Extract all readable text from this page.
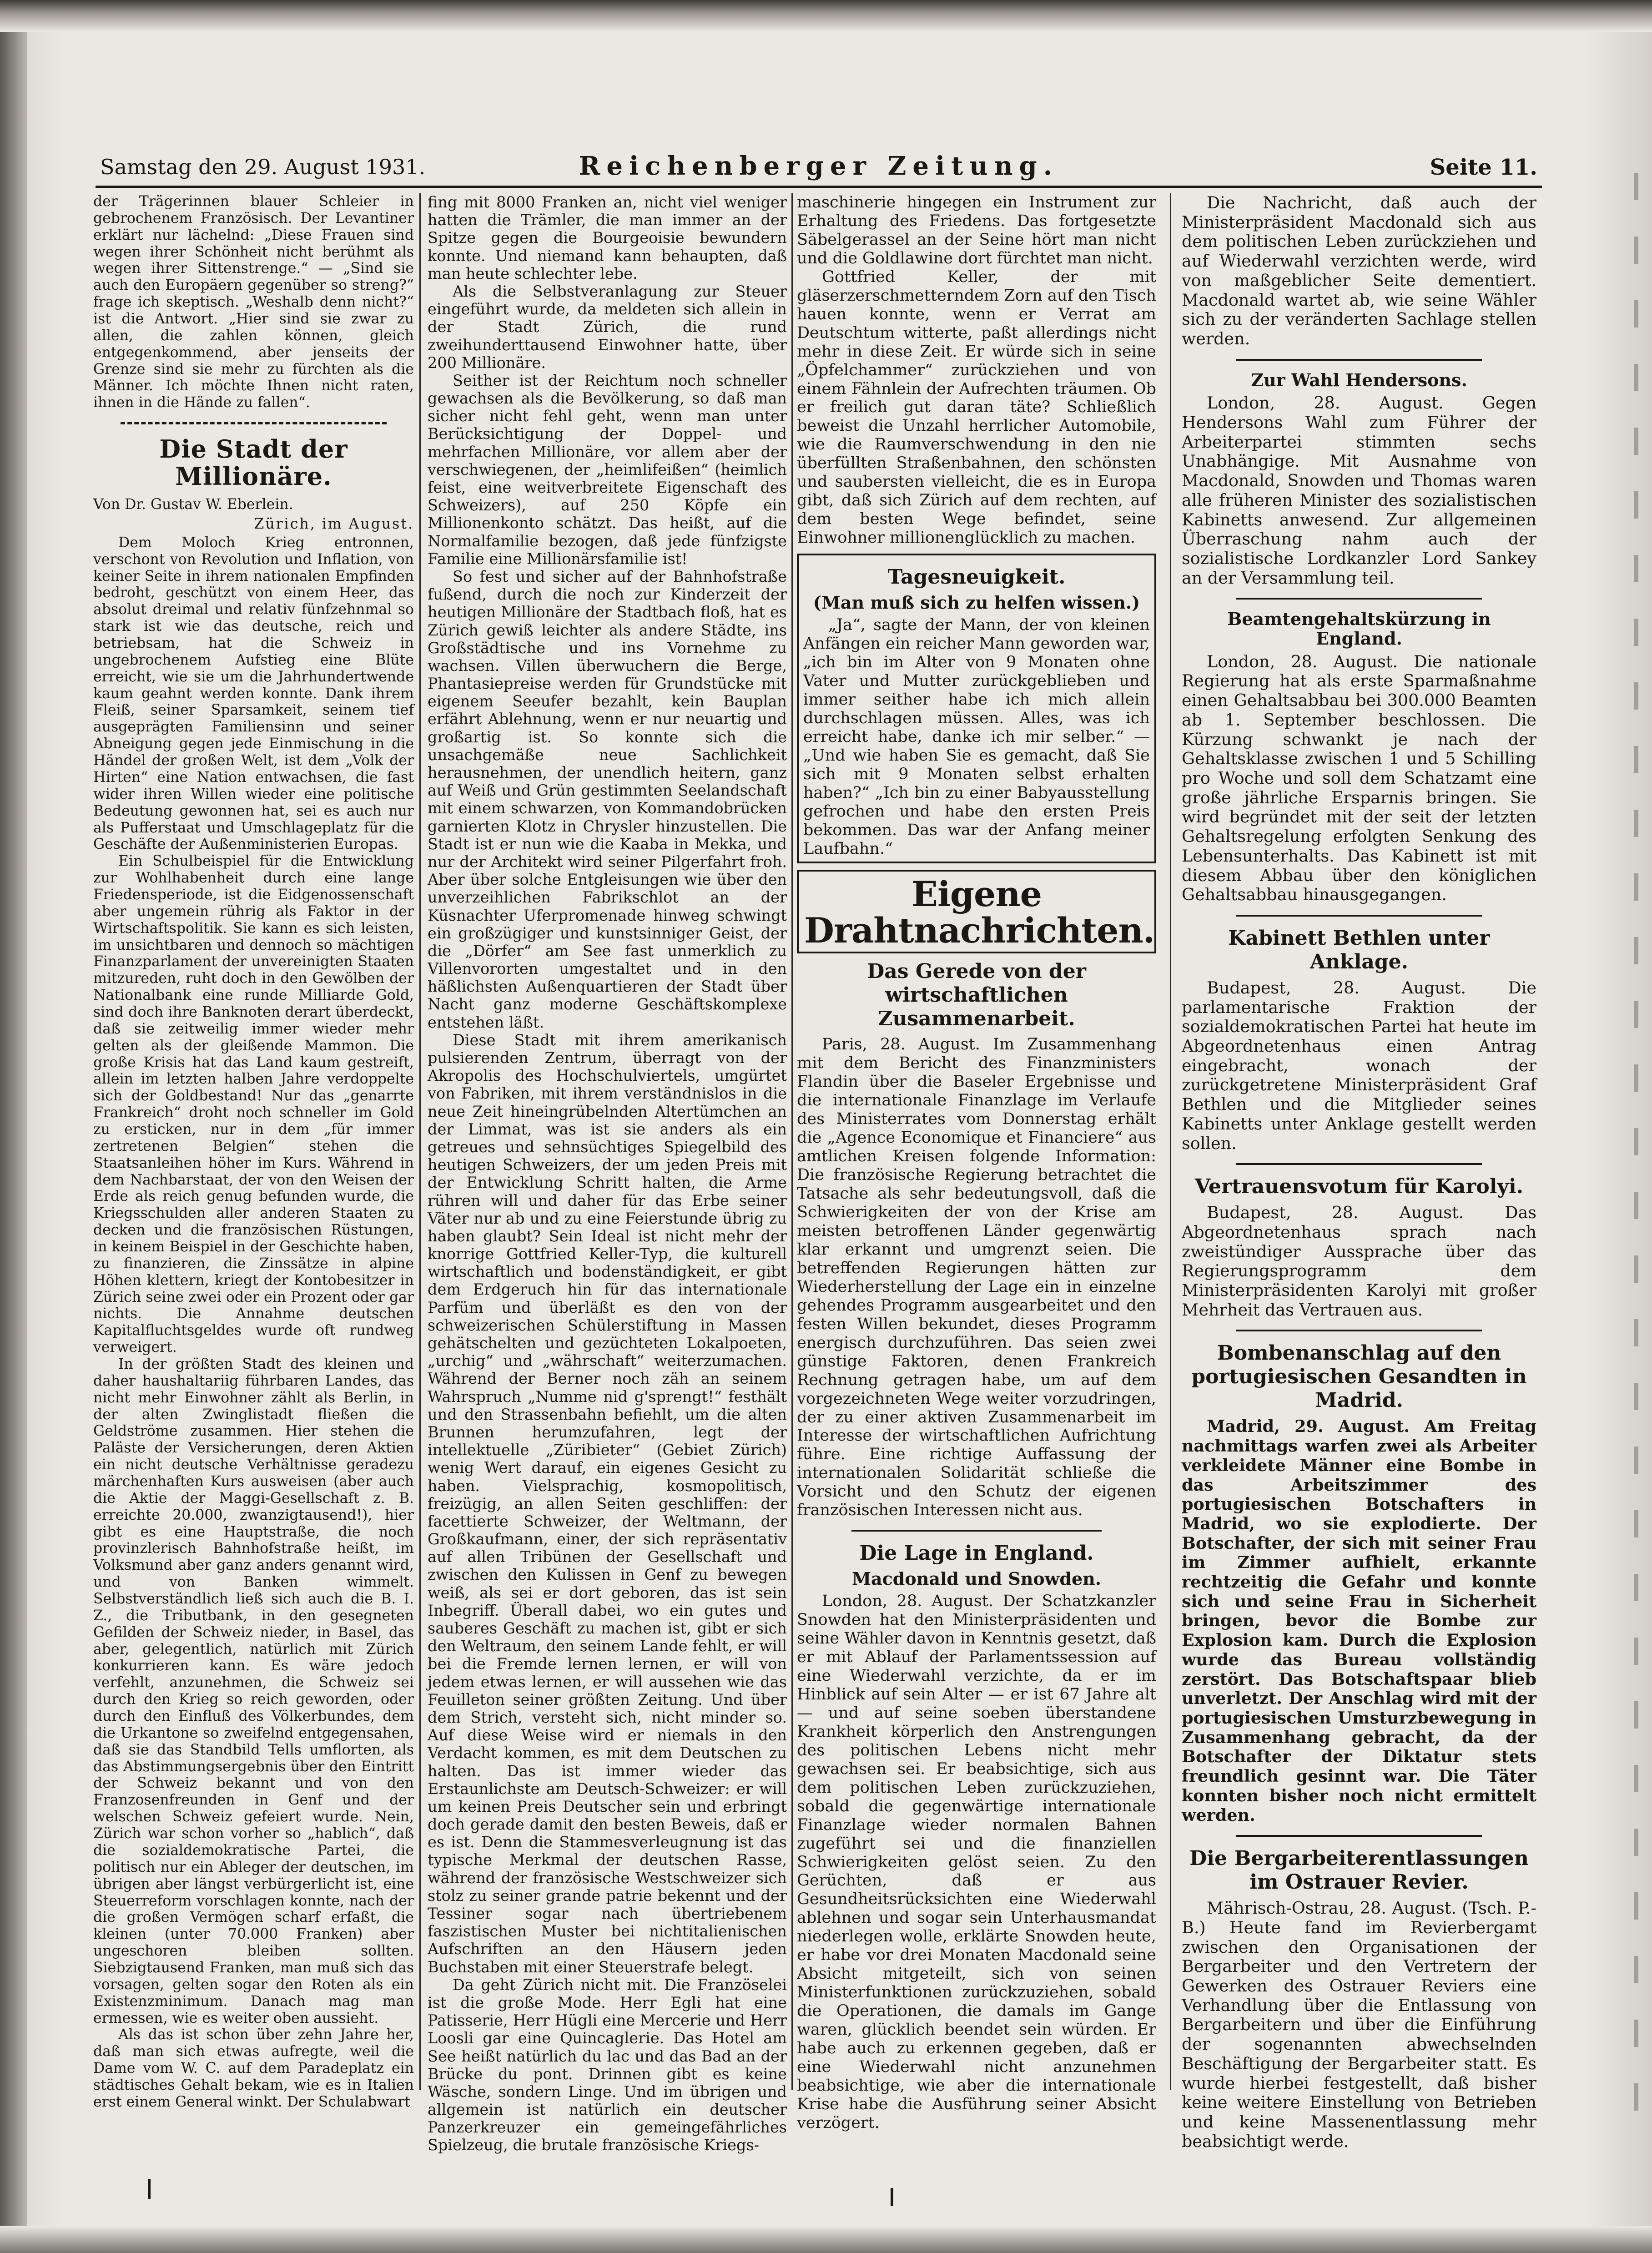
Samstag den 29. August 1931.	Reichenberger Zeitung.	Seite 11.

der Trägerinnen blauer Schleier in gebrochenem Französisch. Der Levantiner erklärt nur lächelnd: „Diese Frauen sind wegen ihrer Schönheit nicht berühmt als wegen ihrer Sittenstrenge.“ — „Sind sie auch den Europäern gegenüber so streng?“ frage ich skeptisch. „Weshalb denn nicht?“ ist die Antwort. „Hier sind sie zwar zu allen, die zahlen können, gleich entgegenkommend, aber jenseits der Grenze sind sie mehr zu fürchten als die Männer. Ich möchte Ihnen nicht raten, ihnen in die Hände zu fallen“.

Die Stadt der Millionäre.
Von Dr. Gustav W. Eberlein.
Zürich, im August.

Dem Moloch Krieg entronnen, verschont von Revolution und Inflation, von keiner Seite in ihrem nationalen Empfinden bedroht, geschützt von einem Heer, das absolut dreimal und relativ fünfzehnmal so stark ist wie das deutsche, reich und betriebsam, hat die Schweiz in ungebrochenem Aufstieg eine Blüte erreicht, wie sie um die Jahrhundertwende kaum geahnt werden konnte. Dank ihrem Fleiß, seiner Sparsamkeit, seinem tief ausgeprägten Familiensinn und seiner Abneigung gegen jede Einmischung in die Händel der großen Welt, ist dem „Volk der Hirten“ eine Nation entwachsen, die fast wider ihren Willen wieder eine politische Bedeutung gewonnen hat, sei es auch nur als Pufferstaat und Umschlageplatz für die Geschäfte der Außenministerien Europas.

Ein Schulbeispiel für die Entwicklung zur Wohlhabenheit durch eine lange Friedensperiode, ist die Eidgenossenschaft aber ungemein rührig als Faktor in der Wirtschaftspolitik. Sie kann es sich leisten, im unsichtbaren und dennoch so mächtigen Finanzparlament der unvereinigten Staaten mitzureden, ruht doch in den Gewölben der Nationalbank eine runde Milliarde Gold, sind doch ihre Banknoten derart überdeckt, daß sie zeitweilig immer wieder mehr gelten als der gleißende Mammon. Die große Krisis hat das Land kaum gestreift, allein im letzten halben Jahre verdoppelte sich der Goldbestand! Nur das „genarrte Frankreich“ droht noch schneller im Gold zu ersticken, nur in dem „für immer zertretenen Belgien“ stehen die Staatsanleihen höher im Kurs. Während in dem Nachbarstaat, der von den Weisen der Erde als reich genug befunden wurde, die Kriegsschulden aller anderen Staaten zu decken und die französischen Rüstungen, in keinem Beispiel in der Geschichte haben, zu finanzieren, die Zinssätze in alpine Höhen klettern, kriegt der Kontobesitzer in Zürich seine zwei oder ein Prozent oder gar nichts. Die Annahme deutschen Kapitalfluchtsgeldes wurde oft rundweg verweigert.

In der größten Stadt des kleinen und daher haushaltariig führbaren Landes, das nicht mehr Einwohner zählt als Berlin, in der alten Zwinglistadt fließen die Geldströme zusammen. Hier stehen die Paläste der Versicherungen, deren Aktien ein nicht deutsche Verhältnisse geradezu märchenhaften Kurs ausweisen (aber auch die Aktie der Maggi-Gesellschaft z. B. erreichte 20.000, zwanzigtausend!), hier gibt es eine Hauptstraße, die noch provinzlerisch Bahnhofstraße heißt, im Volksmund aber ganz anders genannt wird, und von Banken wimmelt. Selbstverständlich ließ sich auch die B. I. Z., die Tributbank, in den gesegneten Gefilden der Schweiz nieder, in Basel, das aber, gelegentlich, natürlich mit Zürich konkurrieren kann. Es wäre jedoch verfehlt, anzunehmen, die Schweiz sei durch den Krieg so reich geworden, oder durch den Einfluß des Völkerbundes, dem die Urkantone so zweifelnd entgegensahen, daß sie das Standbild Tells umflorten, als das Abstimmungsergebnis über den Eintritt der Schweiz bekannt und von den Franzosenfreunden in Genf und der welschen Schweiz gefeiert wurde. Nein, Zürich war schon vorher so „hablich“, daß die sozialdemokratische Partei, die politisch nur ein Ableger der deutschen, im übrigen aber längst verbürgerlicht ist, eine Steuerreform vorschlagen konnte, nach der die großen Vermögen scharf erfaßt, die kleinen (unter 70.000 Franken) aber ungeschoren bleiben sollten. Siebzigtausend Franken, man muß sich das vorsagen, gelten sogar den Roten als ein Existenzminimum. Danach mag man ermessen, wie es weiter oben aussieht.

Als das ist schon über zehn Jahre her, daß man sich etwas aufregte, weil die Dame vom W. C. auf dem Paradeplatz ein städtisches Gehalt bekam, wie es in Italien erst einem General winkt. Der Schulabwart

fing mit 8000 Franken an, nicht viel weniger hatten die Trämler, die man immer an der Spitze gegen die Bourgeoisie bewundern konnte. Und niemand kann behaupten, daß man heute schlechter lebe.

Als die Selbstveranlagung zur Steuer eingeführt wurde, da meldeten sich allein in der Stadt Zürich, die rund zweihunderttausend Einwohner hatte, über 200 Millionäre.

Seither ist der Reichtum noch schneller gewachsen als die Bevölkerung, so daß man sicher nicht fehl geht, wenn man unter Berücksichtigung der Doppel- und mehrfachen Millionäre, vor allem aber der verschwiegenen, der „heimlifeißen“ (heimlich feist, eine weitverbreitete Eigenschaft des Schweizers), auf 250 Köpfe ein Millionenkonto schätzt. Das heißt, auf die Normalfamilie bezogen, daß jede fünfzigste Familie eine Millionärsfamilie ist!

So fest und sicher auf der Bahnhofstraße fußend, durch die noch zur Kinderzeit der heutigen Millionäre der Stadtbach floß, hat es Zürich gewiß leichter als andere Städte, ins Großstädtische und ins Vornehme zu wachsen. Villen überwuchern die Berge, Phantasiepreise werden für Grundstücke mit eigenem Seeufer bezahlt, kein Bauplan erfährt Ablehnung, wenn er nur neuartig und großartig ist. So konnte sich die unsachgemäße neue Sachlichkeit herausnehmen, der unendlich heitern, ganz auf Weiß und Grün gestimmten Seelandschaft mit einem schwarzen, von Kommandobrücken garnierten Klotz in Chrysler hinzustellen. Die Stadt ist er nun wie die Kaaba in Mekka, und nur der Architekt wird seiner Pilgerfahrt froh. Aber über solche Entgleisungen wie über den unverzeihlichen Fabrikschlot an der Küsnachter Uferpromenade hinweg schwingt ein großzügiger und kunstsinniger Geist, der die „Dörfer“ am See fast unmerklich zu Villenvororten umgestaltet und in den häßlichsten Außenquartieren der Stadt über Nacht ganz moderne Geschäftskomplexe entstehen läßt.

Diese Stadt mit ihrem amerikanisch pulsierenden Zentrum, überragt von der Akropolis des Hochschulviertels, umgürtet von Fabriken, mit ihrem verständnislos in die neue Zeit hineingrübelnden Altertümchen an der Limmat, was ist sie anders als ein getreues und sehnsüchtiges Spiegelbild des heutigen Schweizers, der um jeden Preis mit der Entwicklung Schritt halten, die Arme rühren will und daher für das Erbe seiner Väter nur ab und zu eine Feierstunde übrig zu haben glaubt? Sein Ideal ist nicht mehr der knorrige Gottfried Keller-Typ, die kulturell wirtschaftlich und bodenständigkeit, er gibt dem Erdgeruch hin für das internationale Parfüm und überläßt es den von der schweizerischen Schülerstiftung in Massen gehätschelten und gezüchteten Lokalpoeten, „urchig“ und „währschaft“ weiterzumachen. Während der Berner noch zäh an seinem Wahrspruch „Numme nid g'sprengt!“ festhält und den Strassenbahn befiehlt, um die alten Brunnen herumzufahren, legt der intellektuelle „Züribieter“ (Gebiet Zürich) wenig Wert darauf, ein eigenes Gesicht zu haben. Vielsprachig, kosmopolitisch, freizügig, an allen Seiten geschliffen: der facettierte Schweizer, der Weltmann, der Großkaufmann, einer, der sich repräsentativ auf allen Tribünen der Gesellschaft und zwischen den Kulissen in Genf zu bewegen weiß, als sei er dort geboren, das ist sein Inbegriff. Überall dabei, wo ein gutes und sauberes Geschäft zu machen ist, gibt er sich den Weltraum, den seinem Lande fehlt, er will bei die Fremde lernen lernen, er will von jedem etwas lernen, er will aussehen wie das Feuilleton seiner größten Zeitung. Und über dem Strich, versteht sich, nicht minder so. Auf diese Weise wird er niemals in den Verdacht kommen, es mit dem Deutschen zu halten. Das ist immer wieder das Erstaunlichste am Deutsch-Schweizer: er will um keinen Preis Deutscher sein und erbringt doch gerade damit den besten Beweis, daß er es ist. Denn die Stammesverleugnung ist das typische Merkmal der deutschen Rasse, während der französische Westschweizer sich stolz zu seiner grande patrie bekennt und der Tessiner sogar nach übertriebenem faszistischen Muster bei nichtitalienischen Aufschriften an den Häusern jeden Buchstaben mit einer Steuerstrafe belegt.

Da geht Zürich nicht mit. Die Französelei ist die große Mode. Herr Egli hat eine Patisserie, Herr Hügli eine Mercerie und Herr Loosli gar eine Quincaglerie. Das Hotel am See heißt natürlich du lac und das Bad an der Brücke du pont. Drinnen gibt es keine Wäsche, sondern Linge. Und im übrigen und allgemein ist natürlich ein deutscher Panzerkreuzer ein gemeingefährliches Spielzeug, die brutale französische Kriegs-

maschinerie hingegen ein Instrument zur Erhaltung des Friedens. Das fortgesetzte Säbelgerassel an der Seine hört man nicht und die Goldlawine dort fürchtet man nicht.

Gottfried Keller, der mit gläserzerschmetterndem Zorn auf den Tisch hauen konnte, wenn er Verrat am Deutschtum witterte, paßt allerdings nicht mehr in diese Zeit. Er würde sich in seine „Öpfelchammer“ zurückziehen und von einem Fähnlein der Aufrechten träumen. Ob er freilich gut daran täte? Schließlich beweist die Unzahl herrlicher Automobile, wie die Raumverschwendung in den nie überfüllten Straßenbahnen, den schönsten und saubersten vielleicht, die es in Europa gibt, daß sich Zürich auf dem rechten, auf dem besten Wege befindet, seine Einwohner millionenglücklich zu machen.

Tagesneuigkeit.
(Man muß sich zu helfen wissen.)

„Ja“, sagte der Mann, der von kleinen Anfängen ein reicher Mann geworden war, „ich bin im Alter von 9 Monaten ohne Vater und Mutter zurückgeblieben und immer seither habe ich mich allein durchschlagen müssen. Alles, was ich erreicht habe, danke ich mir selber.“ — „Und wie haben Sie es gemacht, daß Sie sich mit 9 Monaten selbst erhalten haben?“ „Ich bin zu einer Babyausstellung gefrochen und habe den ersten Preis bekommen. Das war der Anfang meiner Laufbahn.“

Eigene Drahtnachrichten.
Das Gerede von der wirtschaftlichen Zusammenarbeit.

Paris, 28. August. Im Zusammenhang mit dem Bericht des Finanzministers Flandin über die Baseler Ergebnisse und die internationale Finanzlage im Verlaufe des Ministerrates vom Donnerstag erhält die „Agence Economique et Financiere“ aus amtlichen Kreisen folgende Information: Die französische Regierung betrachtet die Tatsache als sehr bedeutungsvoll, daß die Schwierigkeiten der von der Krise am meisten betroffenen Länder gegenwärtig klar erkannt und umgrenzt seien. Die betreffenden Regierungen hätten zur Wiederherstellung der Lage ein in einzelne gehendes Programm ausgearbeitet und den festen Willen bekundet, dieses Programm energisch durchzuführen. Das seien zwei günstige Faktoren, denen Frankreich Rechnung getragen habe, um auf dem vorgezeichneten Wege weiter vorzudringen, der zu einer aktiven Zusammenarbeit im Interesse der wirtschaftlichen Aufrichtung führe. Eine richtige Auffassung der internationalen Solidarität schließe die Vorsicht und den Schutz der eigenen französischen Interessen nicht aus.

Die Lage in England.
Macdonald und Snowden.

London, 28. August. Der Schatzkanzler Snowden hat den Ministerpräsidenten und seine Wähler davon in Kenntnis gesetzt, daß er mit Ablauf der Parlamentssession auf eine Wiederwahl verzichte, da er im Hinblick auf sein Alter — er ist 67 Jahre alt — und auf seine soeben überstandene Krankheit körperlich den Anstrengungen des politischen Lebens nicht mehr gewachsen sei. Er beabsichtige, sich aus dem politischen Leben zurückzuziehen, sobald die gegenwärtige internationale Finanzlage wieder normalen Bahnen zugeführt sei und die finanziellen Schwierigkeiten gelöst seien. Zu den Gerüchten, daß er aus Gesundheitsrücksichten eine Wiederwahl ablehnen und sogar sein Unterhausmandat niederlegen wolle, erklärte Snowden heute, er habe vor drei Monaten Macdonald seine Absicht mitgeteilt, sich von seinen Ministerfunktionen zurückzuziehen, sobald die Operationen, die damals im Gange waren, glücklich beendet sein würden. Er habe auch zu erkennen gegeben, daß er eine Wiederwahl nicht anzunehmen beabsichtige, wie aber die internationale Krise habe die Ausführung seiner Absicht verzögert.

Die Nachricht, daß auch der Ministerpräsident Macdonald sich aus dem politischen Leben zurückziehen und auf Wiederwahl verzichten werde, wird von maßgeblicher Seite dementiert. Macdonald wartet ab, wie seine Wähler sich zu der veränderten Sachlage stellen werden.

Zur Wahl Hendersons.

London, 28. August. Gegen Hendersons Wahl zum Führer der Arbeiterpartei stimmten sechs Unabhängige. Mit Ausnahme von Macdonald, Snowden und Thomas waren alle früheren Minister des sozialistischen Kabinetts anwesend. Zur allgemeinen Überraschung nahm auch der sozialistische Lordkanzler Lord Sankey an der Versammlung teil.

Beamtengehaltskürzung in England.

London, 28. August. Die nationale Regierung hat als erste Sparmaßnahme einen Gehaltsabbau bei 300.000 Beamten ab 1. September beschlossen. Die Kürzung schwankt je nach der Gehaltsklasse zwischen 1 und 5 Schilling pro Woche und soll dem Schatzamt eine große jährliche Ersparnis bringen. Sie wird begründet mit der seit der letzten Gehaltsregelung erfolgten Senkung des Lebensunterhalts. Das Kabinett ist mit diesem Abbau über den königlichen Gehaltsabbau hinausgegangen.

Kabinett Bethlen unter Anklage.

Budapest, 28. August. Die parlamentarische Fraktion der sozialdemokratischen Partei hat heute im Abgeordnetenhaus einen Antrag eingebracht, wonach der zurückgetretene Ministerpräsident Graf Bethlen und die Mitglieder seines Kabinetts unter Anklage gestellt werden sollen.

Vertrauensvotum für Karolyi.

Budapest, 28. August. Das Abgeordnetenhaus sprach nach zweistündiger Aussprache über das Regierungsprogramm dem Ministerpräsidenten Karolyi mit großer Mehrheit das Vertrauen aus.

Bombenanschlag auf den portugiesischen Gesandten in Madrid.

Madrid, 29. August. Am Freitag nachmittags warfen zwei als Arbeiter verkleidete Männer eine Bombe in das Arbeitszimmer des portugiesischen Botschafters in Madrid, wo sie explodierte. Der Botschafter, der sich mit seiner Frau im Zimmer aufhielt, erkannte rechtzeitig die Gefahr und konnte sich und seine Frau in Sicherheit bringen, bevor die Bombe zur Explosion kam. Durch die Explosion wurde das Bureau vollständig zerstört. Das Botschaftspaar blieb unverletzt. Der Anschlag wird mit der portugiesischen Umsturzbewegung in Zusammenhang gebracht, da der Botschafter der Diktatur stets freundlich gesinnt war. Die Täter konnten bisher noch nicht ermittelt werden.

Die Bergarbeiterentlassungen im Ostrauer Revier.

Mährisch-Ostrau, 28. August. (Tsch. P.-B.) Heute fand im Revierbergamt zwischen den Organisationen der Bergarbeiter und den Vertretern der Gewerken des Ostrauer Reviers eine Verhandlung über die Entlassung von Bergarbeitern und über die Einführung der sogenannten abwechselnden Beschäftigung der Bergarbeiter statt. Es wurde hierbei festgestellt, daß bisher keine weitere Einstellung von Betrieben und keine Massenentlassung mehr beabsichtigt werde.
